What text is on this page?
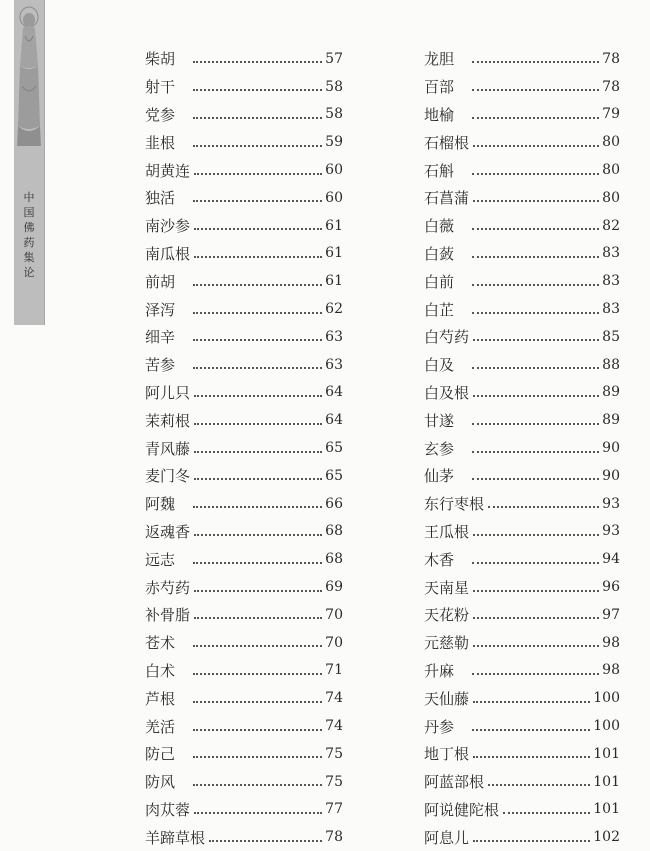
中
国
佛
药
集
论
柴胡	57
射干	58
党参	58
韭根	59
胡黄连	60
独活	60
南沙参	61
南瓜根	61
前胡	61
泽泻	62
细辛	63
苦参	63
阿儿只	64
茉莉根	64
青风藤	65
麦门冬	65
阿魏	66
返魂香	68
远志	68
赤芍药	69
补骨脂	70
苍术	70
白术	71
芦根	74
羌活	74
防己	75
防风	75
肉苁蓉	77
羊蹄草根	78
龙胆	78
百部	78
地榆	79
石榴根	80
石斛	80
石菖蒲	80
白薇	82
白蔹	83
白前	83
白芷	83
白芍药	85
白及	88
白及根	89
甘遂	89
玄参	90
仙茅	90
东行枣根	93
王瓜根	93
木香	94
天南星	96
天花粉	97
元慈勒	98
升麻	98
天仙藤	100
丹参	100
地丁根	101
阿蓝部根	101
阿说健陀根	101
阿息儿	102
